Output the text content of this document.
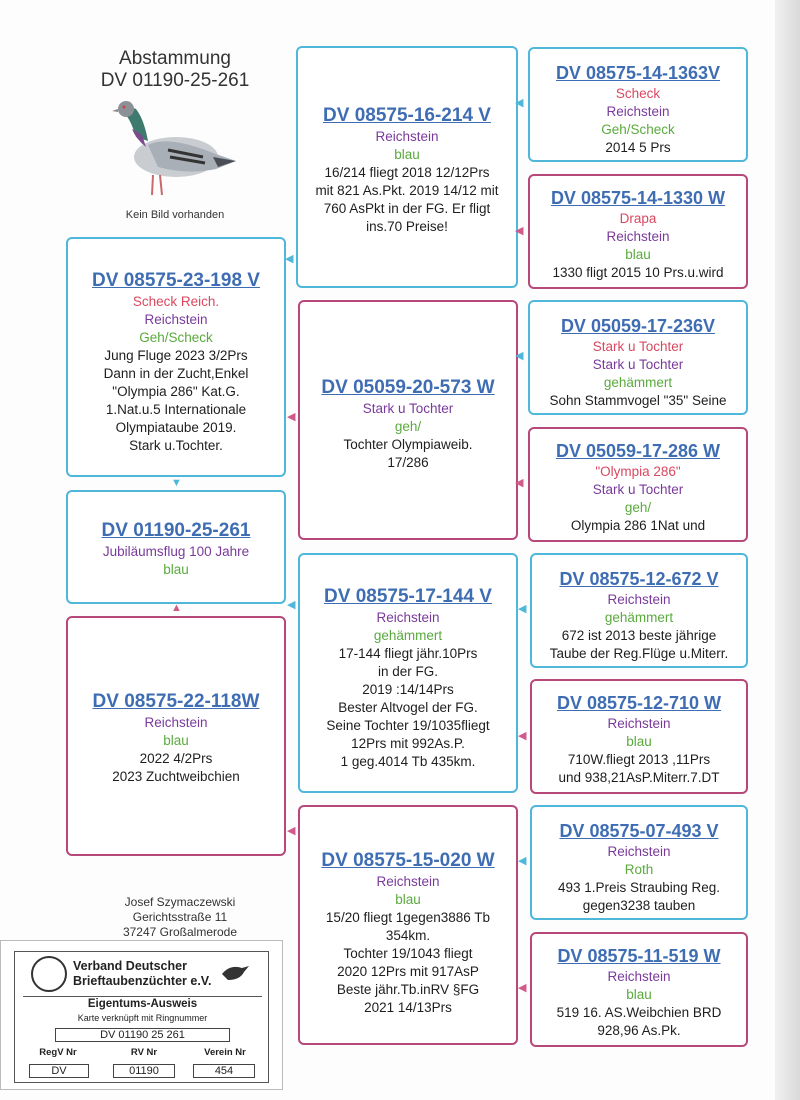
Abstammung
DV 01190-25-261
Kein Bild vorhanden
DV 08575-23-198 V
Scheck Reich.
Reichstein
Geh/Scheck
Jung Fluge 2023 3/2Prs
Dann in der Zucht,Enkel
"Olympia 286" Kat.G.
1.Nat.u.5 Internationale
Olympiataube 2019.
Stark u.Tochter.
DV 01190-25-261
Jubiläumsflug 100 Jahre
blau
DV 08575-22-118W
Reichstein
blau
2022 4/2Prs
2023 Zuchtweibchien
DV 08575-16-214 V
Reichstein
blau
16/214 fliegt 2018 12/12Prs
mit 821 As.Pkt. 2019 14/12 mit
760 AsPkt in der FG. Er fligt
ins.70 Preise!
DV 05059-20-573 W
Stark u Tochter
geh/
Tochter Olympiaweib.
17/286
DV 08575-17-144 V
Reichstein
gehämmert
17-144 fliegt jähr.10Prs
in der FG.
2019 :14/14Prs
Bester Altvogel der FG.
Seine Tochter 19/1035fliegt
12Prs mit 992As.P.
1 geg.4014 Tb 435km.
DV 08575-15-020 W
Reichstein
blau
15/20 fliegt 1gegen3886 Tb
354km.
Tochter 19/1043 fliegt
2020 12Prs mit 917AsP
Beste jähr.Tb.inRV §FG
2021 14/13Prs
DV 08575-14-1363V
Scheck
Reichstein
Geh/Scheck
2014 5 Prs
DV 08575-14-1330 W
Drapa
Reichstein
blau
1330 fligt 2015 10 Prs.u.wird
DV 05059-17-236V
Stark u Tochter
Stark u Tochter
gehämmert
Sohn Stammvogel "35" Seine
DV 05059-17-286 W
"Olympia 286"
Stark u Tochter
geh/
Olympia 286 1Nat und
DV 08575-12-672 V
Reichstein
gehämmert
672 ist 2013 beste jährige
Taube der Reg.Flüge u.Miterr.
DV 08575-12-710 W
Reichstein
blau
710W.fliegt 2013 ,11Prs
und 938,21AsP.Miterr.7.DT
DV 08575-07-493 V
Reichstein
Roth
493 1.Preis Straubing Reg.
gegen3238 tauben
DV 08575-11-519 W
Reichstein
blau
519 16. AS.Weibchien BRD
928,96 As.Pk.
◀
◀
◀
◀
◀
◀
◀
◀
◀
◀
◀
◀
▼
▲
Josef Szymaczewski
Gerichtsstraße 11
37247 Großalmerode
Verband Deutscher
Brieftaubenzüchter e.V.
Eigentums-Ausweis
Karte verknüpft mit Ringnummer
DV 01190 25 261
RegV Nr	RV Nr	Verein Nr
DV	01190	454
